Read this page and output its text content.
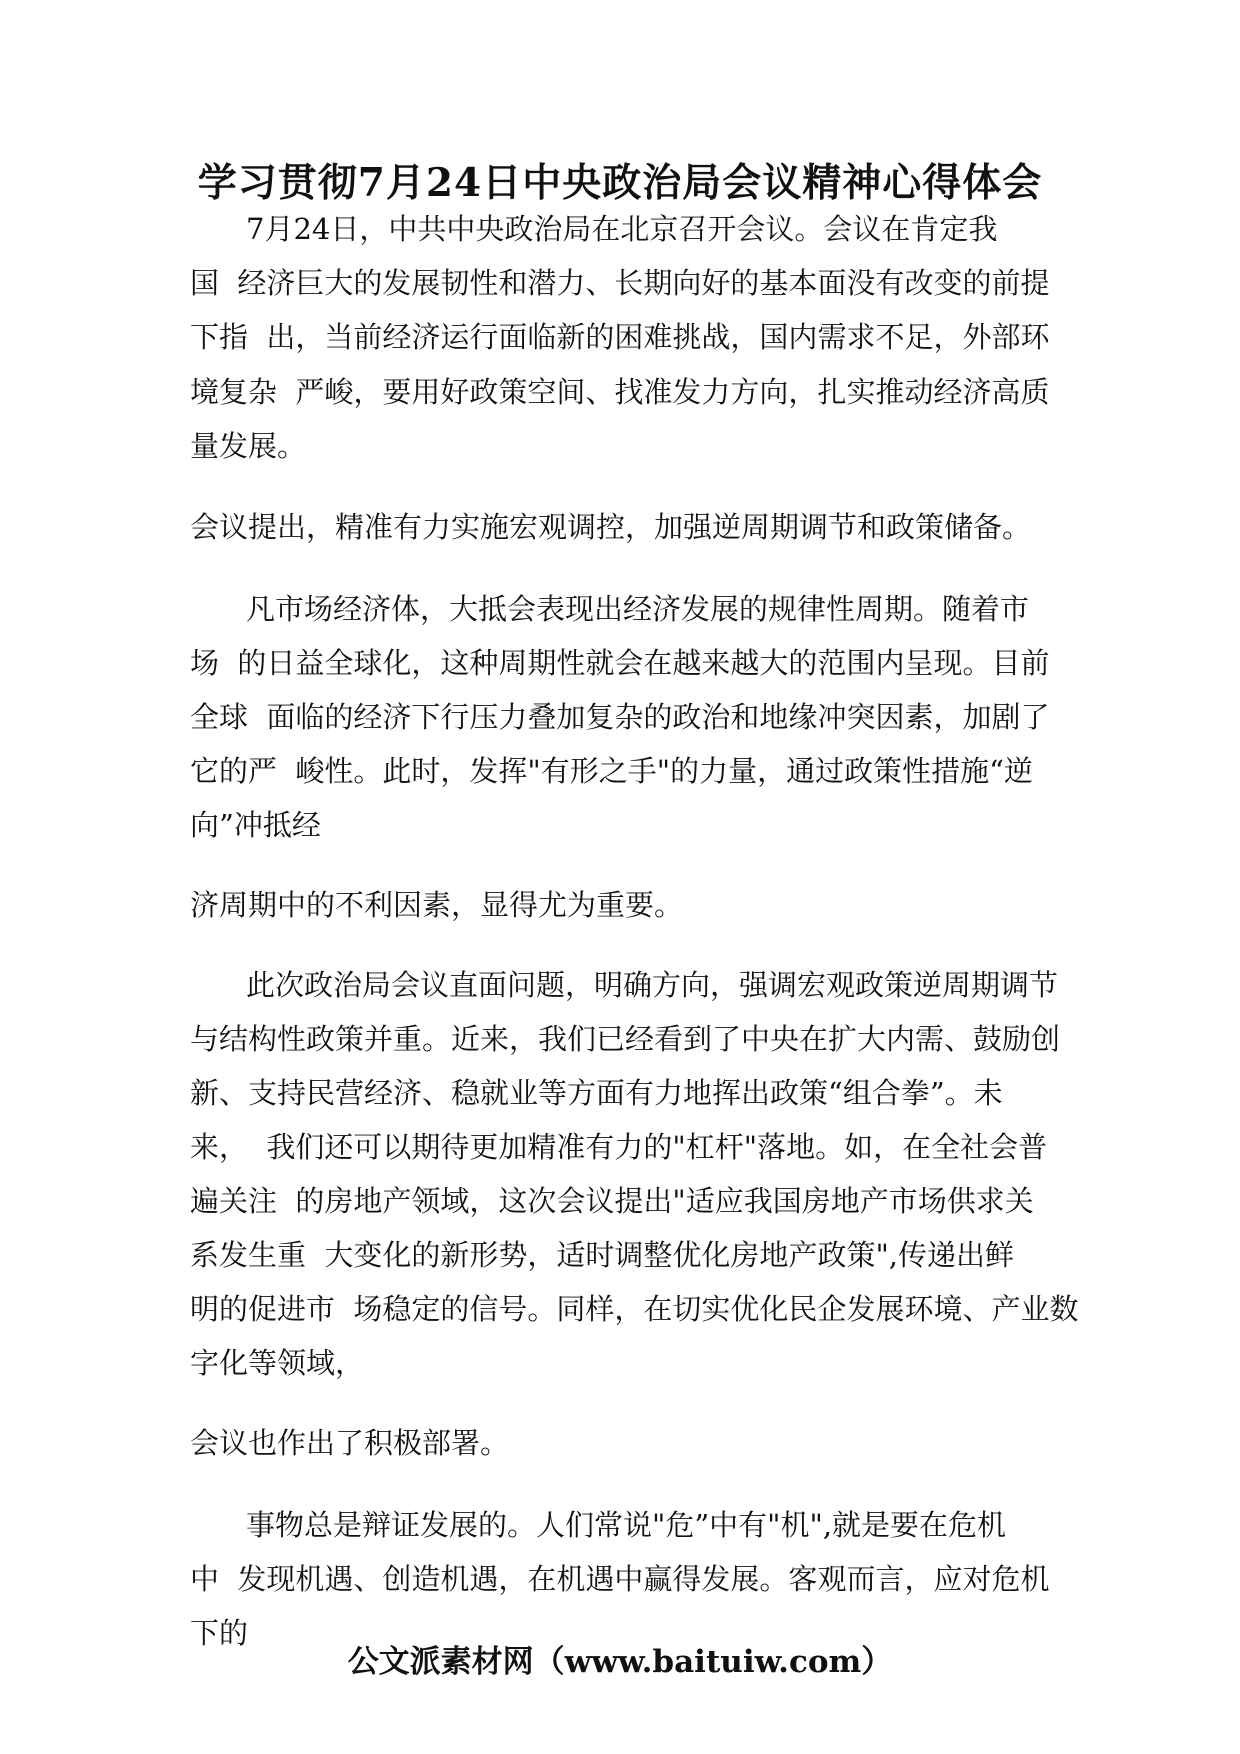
学习贯彻7月24日中央政治局会议精神心得体会
7月24日，中共中央政治局在北京召开会议。会议在肯定我
国  经济巨大的发展韧性和潜力、长期向好的基本面没有改变的前提
下指  出，当前经济运行面临新的困难挑战，国内需求不足，外部环
境复杂  严峻，要用好政策空间、找准发力方向，扎实推动经济高质
量发展。
会议提出，精准有力实施宏观调控，加强逆周期调节和政策储备。
凡市场经济体，大抵会表现出经济发展的规律性周期。随着市
场  的日益全球化，这种周期性就会在越来越大的范围内呈现。目前
全球  面临的经济下行压力叠加复杂的政治和地缘冲突因素，加剧了
它的严  峻性。此时，发挥"有形之手"的力量，通过政策性措施“逆
向”冲抵经
济周期中的不利因素，显得尤为重要。
此次政治局会议直面问题，明确方向，强调宏观政策逆周期调节
与结构性政策并重。近来，我们已经看到了中央在扩大内需、鼓励创
新、支持民营经济、稳就业等方面有力地挥出政策“组合拳”。未
来，  我们还可以期待更加精准有力的"杠杆"落地。如，在全社会普
遍关注  的房地产领域，这次会议提出"适应我国房地产市场供求关
系发生重  大变化的新形势，适时调整优化房地产政策",传递出鲜
明的促进市  场稳定的信号。同样，在切实优化民企发展环境、产业数
字化等领域，
会议也作出了积极部署。
事物总是辩证发展的。人们常说"危”中有"机",就是要在危机
中  发现机遇、创造机遇，在机遇中赢得发展。客观而言，应对危机
下的
公文派素材网（www.baituiw.com）
